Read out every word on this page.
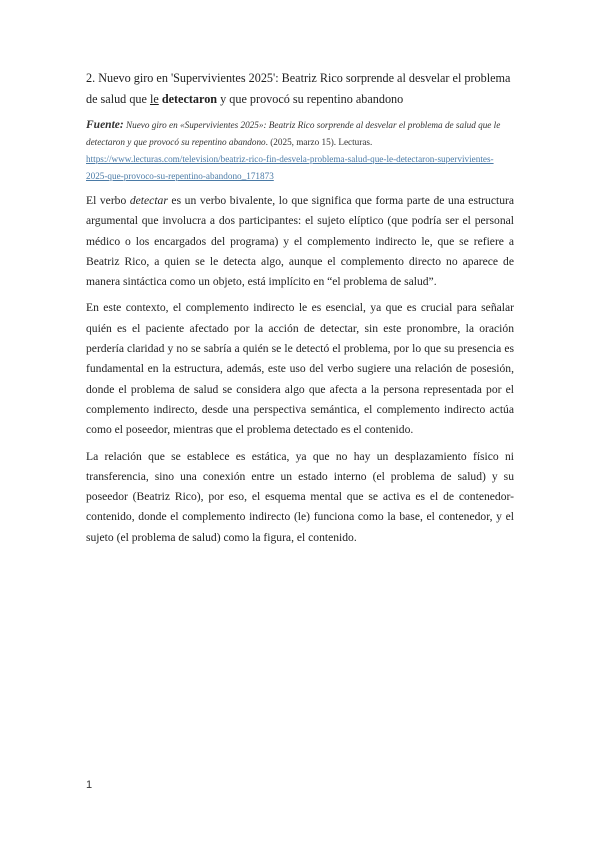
2. Nuevo giro en 'Supervivientes 2025': Beatriz Rico sorprende al desvelar el problema de salud que le detectaron y que provocó su repentino abandono

Fuente: Nuevo giro en «Supervivientes 2025»: Beatriz Rico sorprende al desvelar el problema de salud que le detectaron y que provocó su repentino abandono. (2025, marzo 15). Lecturas. https://www.lecturas.com/television/beatriz-rico-fin-desvela-problema-salud-que-le-detectaron-supervivientes-2025-que-provoco-su-repentino-abandono_171873

El verbo detectar es un verbo bivalente, lo que significa que forma parte de una estructura argumental que involucra a dos participantes: el sujeto elíptico (que podría ser el personal médico o los encargados del programa) y el complemento indirecto le, que se refiere a Beatriz Rico, a quien se le detecta algo, aunque el complemento directo no aparece de manera sintáctica como un objeto, está implícito en “el problema de salud”.

En este contexto, el complemento indirecto le es esencial, ya que es crucial para señalar quién es el paciente afectado por la acción de detectar, sin este pronombre, la oración perdería claridad y no se sabría a quién se le detectó el problema, por lo que su presencia es fundamental en la estructura, además, este uso del verbo sugiere una relación de posesión, donde el problema de salud se considera algo que afecta a la persona representada por el complemento indirecto, desde una perspectiva semántica, el complemento indirecto actúa como el poseedor, mientras que el problema detectado es el contenido.

La relación que se establece es estática, ya que no hay un desplazamiento físico ni transferencia, sino una conexión entre un estado interno (el problema de salud) y su poseedor (Beatriz Rico), por eso, el esquema mental que se activa es el de contenedor-contenido, donde el complemento indirecto (le) funciona como la base, el contenedor, y el sujeto (el problema de salud) como la figura, el contenido.

1
